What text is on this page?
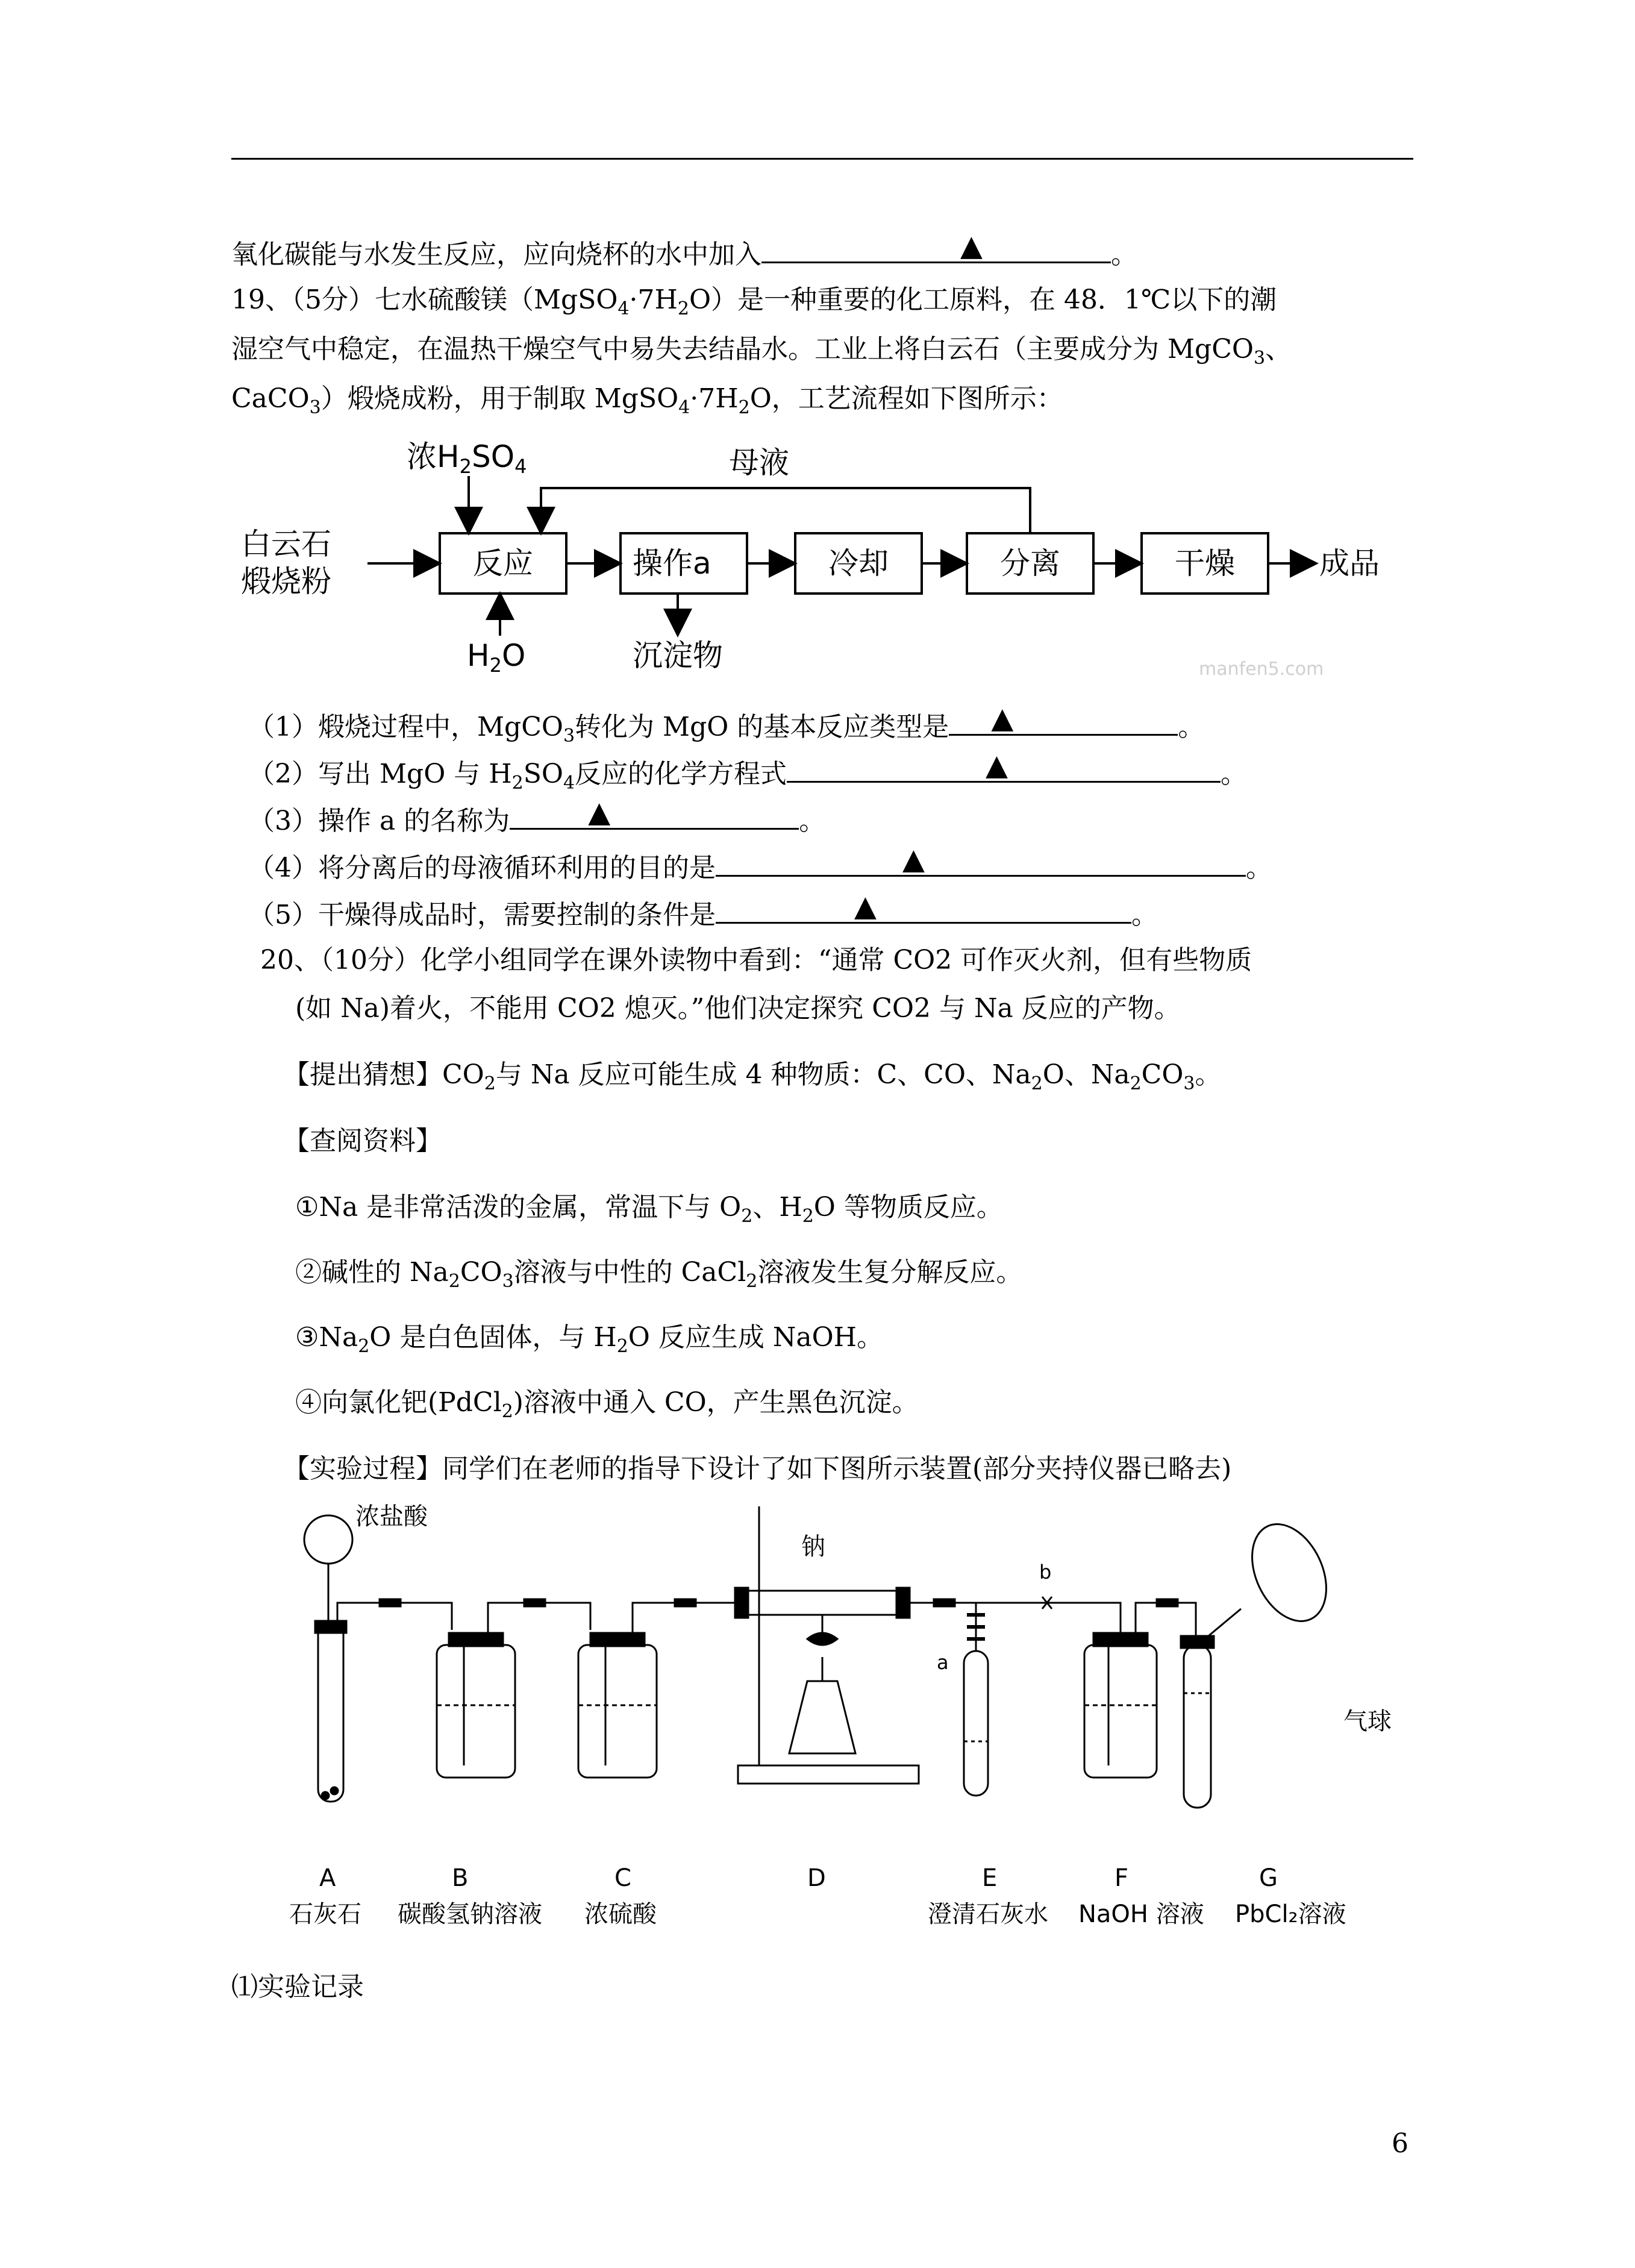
氧化碳能与水发生反应，应向烧杯的水中加入	▲	。
19、（5分）七水硫酸镁$(MgSO_4\cdot 7H_2O)$是一种重要的化工原料，在 48．1℃以下的潮
湿空气中稳定，在温热干燥空气中易失去结晶水。工业上将白云石（主要成分为 MgCO$_3$、
CaCO$_3$）煅烧成粉，用于制取 $MgSO_4\cdot 7H_2O$，工艺流程如下图所示：
白云石
煅烧粉
浓$H_2SO_4$	母液
反应	操作a	冷却	分离	干燥	成品
$H_2O$	沉淀物	manfen5.com
（1）煅烧过程中，MgCO$_3$转化为 MgO 的基本反应类型是 ▲	。
（2）写出 MgO 与 $H_2SO_4$反应的化学方程式	▲	。
（3）操作 a 的名称为	▲	。
（4）将分离后的母液循环利用的目的是	▲	。
（5）干燥得成品时，需要控制的条件是	▲	。
20、（10分）化学小组同学在课外读物中看到：“通常 CO2 可作灭火剂，但有些物质
(如 Na)着火，不能用 CO2 熄灭。”他们决定探究 CO2 与 Na 反应的产物。
【提出猜想】$CO_2$与 Na 反应可能生成 4 种物质：C、CO、$Na_2O$、$Na_2CO_3$。
【查阅资料】
①Na 是非常活泼的金属，常温下与 $O_2$、$H_2O$ 等物质反应。
②碱性的 $Na_2CO_3$溶液与中性的 CaCl$_2$溶液发生复分解反应。
$③Na_2O$ 是白色固体，与 $H_2O$ 反应生成 NaOH。
④向氯化钯(PdCl$_2$)溶液中通入 CO，产生黑色沉淀。
【实验过程】同学们在老师的指导下设计了如下图所示装置(部分夹持仪器已略去)
浓盐酸
钠
a
b
气球
A	B	C	D	E	F	G
石灰石 碳酸氢钠溶液 浓硫酸	澄清石灰水 NaOH 溶液 PbCl₂溶液
⑴实验记录
6
